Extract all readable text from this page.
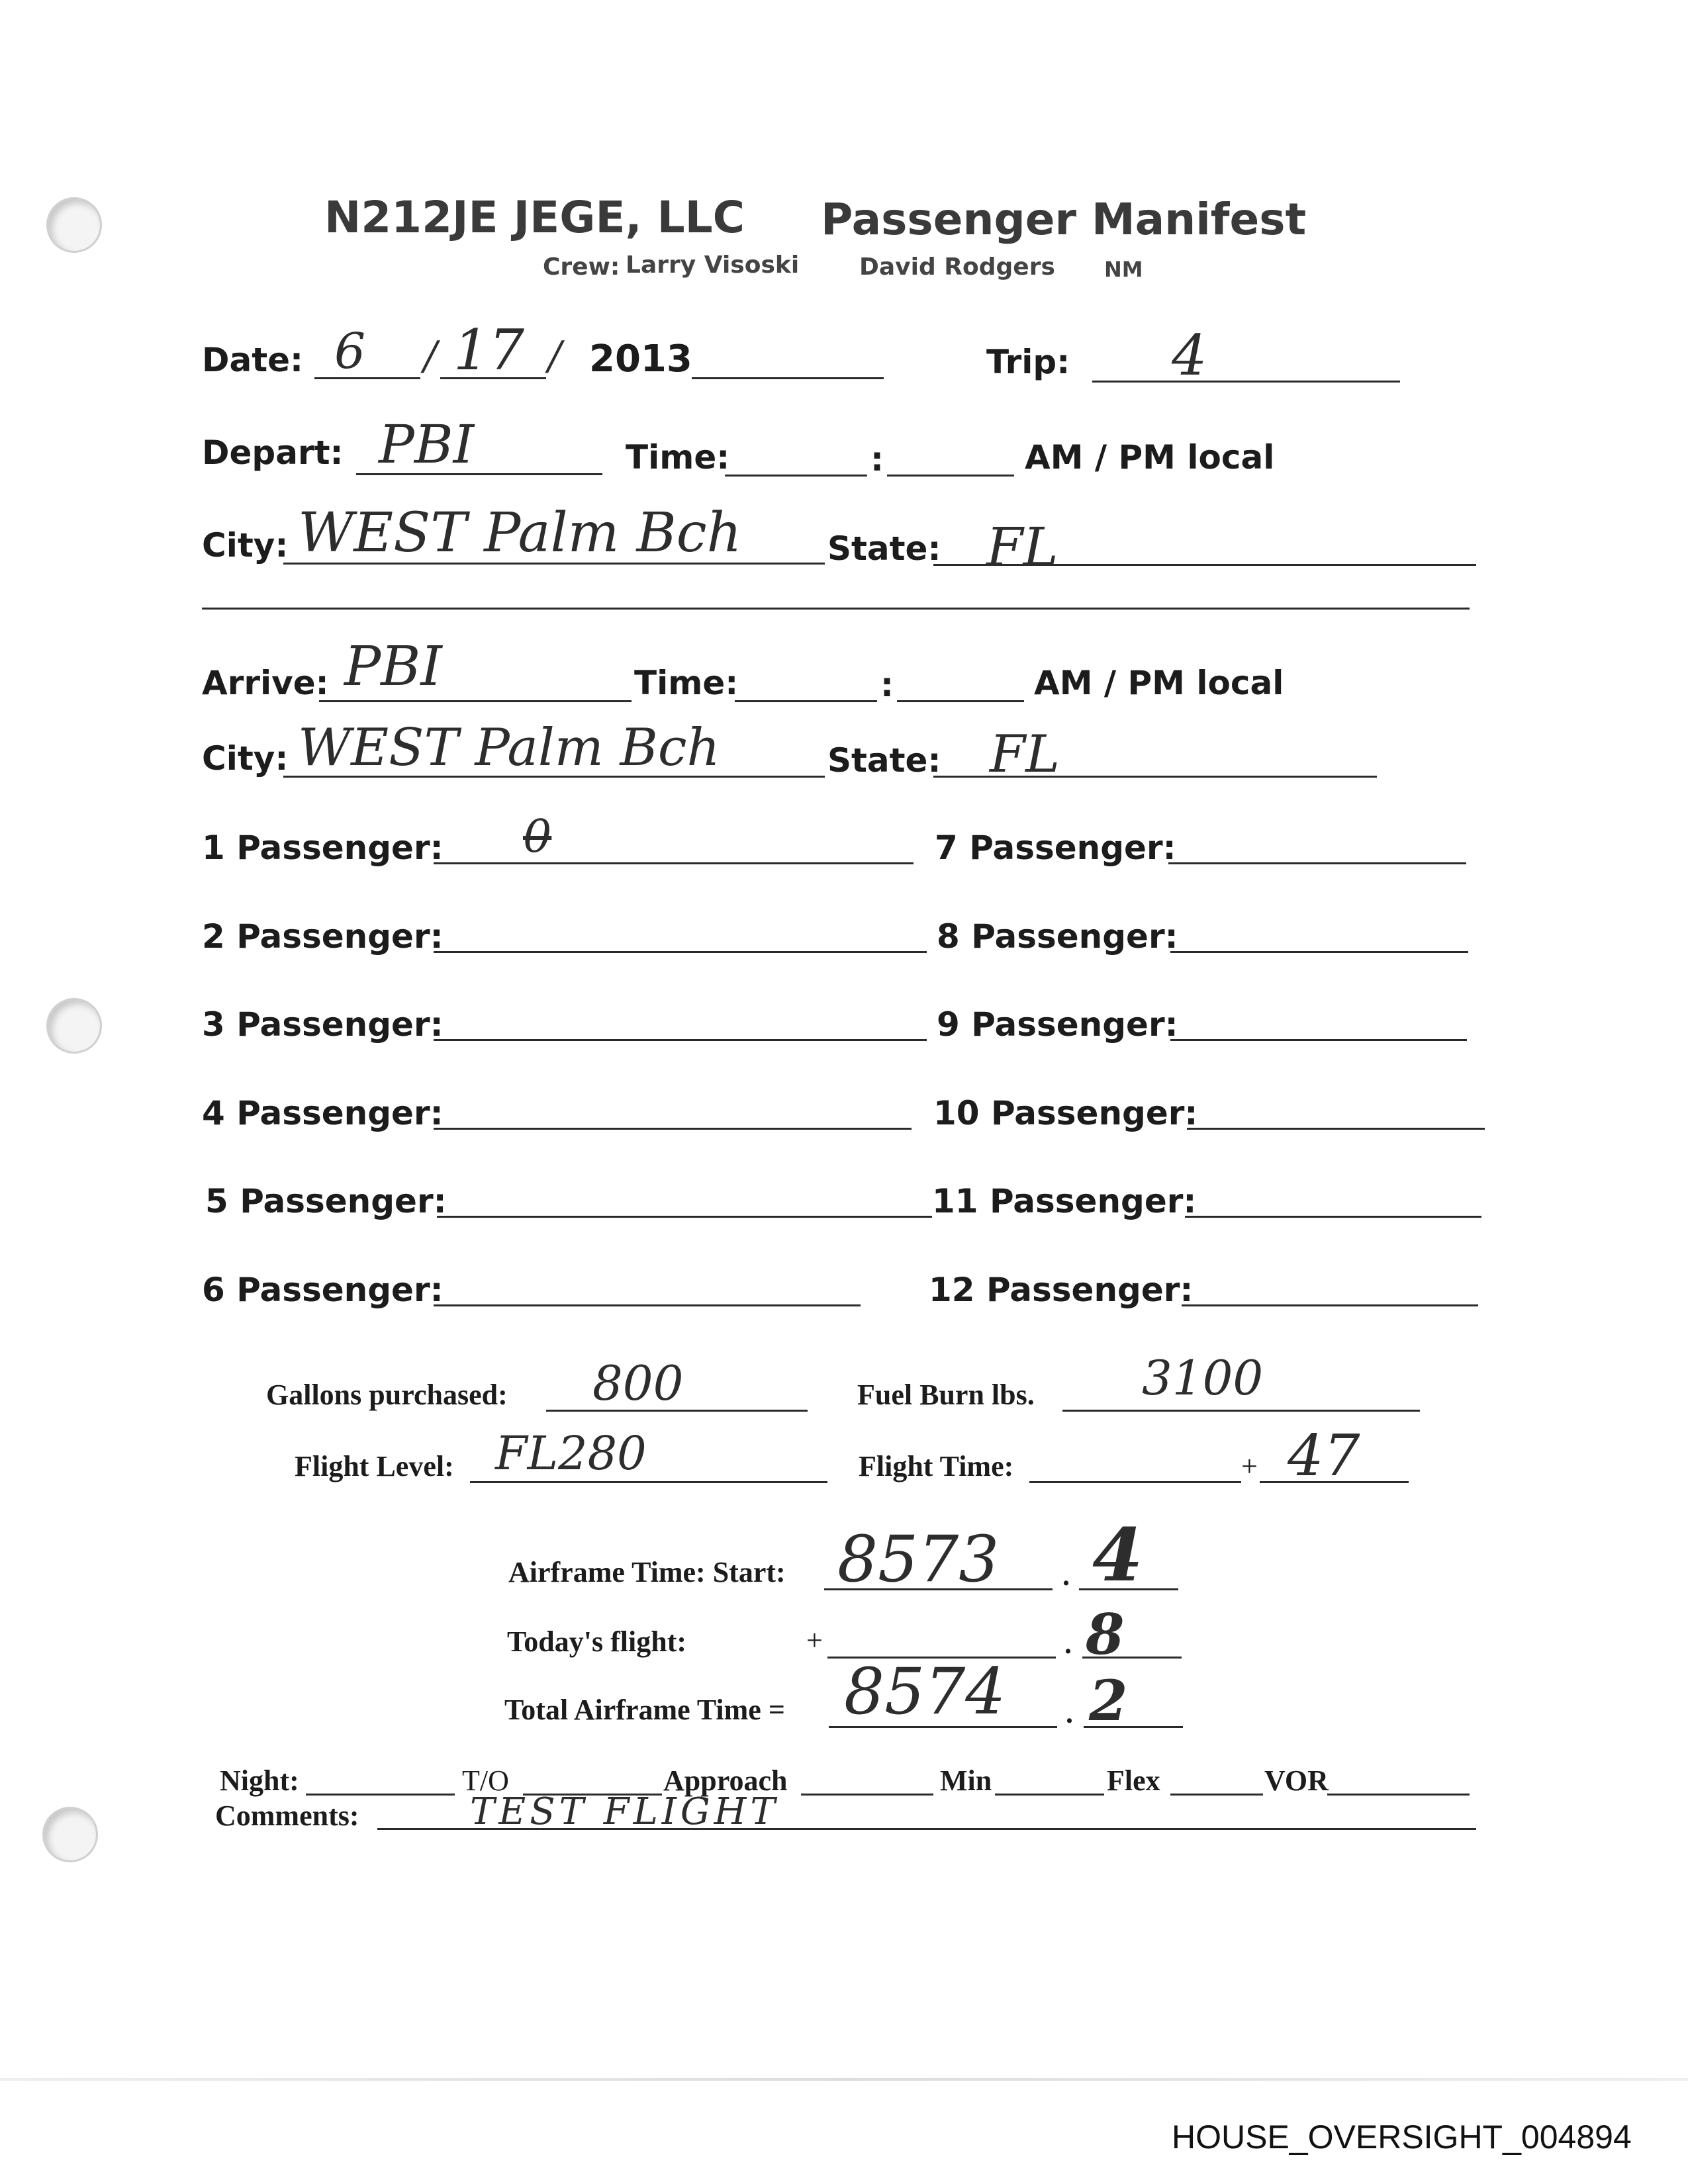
N212JE JEGE, LLC Passenger Manifest
Crew: Larry Visoski	David Rodgers NM
Date: 6 / 17 / 2013	Trip: 4
Depart: PBI	Time:	:	AM / PM local
City: WEST Palm Bch	State: FL
Arrive: PBI	Time:	:	AM / PM local
City: WEST Palm Bch	State: FL
1 Passenger: 0
2 Passenger:
3 Passenger:
4 Passenger:
5 Passenger:
6 Passenger:
7 Passenger:
8 Passenger:
9 Passenger:
10 Passenger:
11 Passenger:
12 Passenger:
Gallons purchased: 800	Fuel Burn lbs. 3100
Flight Level: FL280	Flight Time:	+ 47
Airframe Time: Start: 8573 . 4
Today's flight:	+	. 8
Total Airframe Time = 8574 . 2
Night:	T/O	Approach	Min	Flex	VOR
Comments:	TEST FLIGHT
HOUSE_OVERSIGHT_004894
